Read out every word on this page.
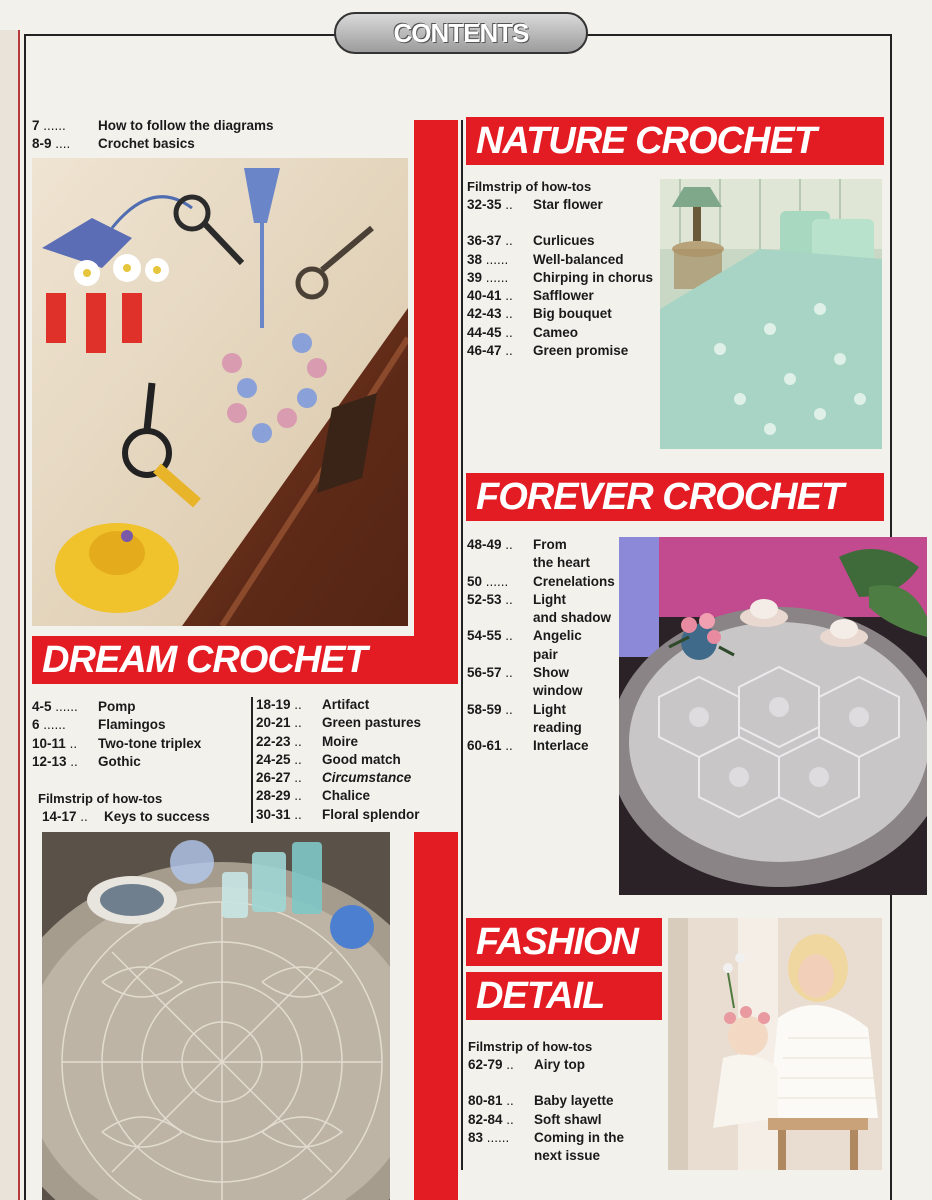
CONTENTS
7 ......	How to follow the diagrams
8-9 ....	Crochet basics	NATURE CROCHET
Filmstrip of how-tos
32-35 ..	Star flower
36-37 ..	Curlicues
38 ......	Well-balanced
39 ......	Chirping in chorus
40-41 ..	Safflower
42-43 ..	Big bouquet
44-45 ..	Cameo
46-47 ..	Green promise
FOREVER CROCHET
48-49 ..	From
the heart
50 ......	Crenelations
52-53 ..	Light
and shadow
54-55 ..	Angelic
pair
56-57 ..	Show
window
58-59 ..	Light
reading
60-61 ..	Interlace
DREAM CROCHET
4-5 ......	Pomp
6 ......	Flamingos
10-11 ..	Two-tone triplex
12-13 ..	Gothic
Filmstrip of how-tos
14-17 ..	Keys to success
18-19 ..	Artifact
20-21 ..	Green pastures
22-23 ..	Moire
24-25 ..	Good match
26-27 ..	Circumstance
28-29 ..	Chalice
30-31 ..	Floral splendor
FASHION
DETAIL
Filmstrip of how-tos
62-79 ..	Airy top
80-81 ..	Baby layette
82-84 ..	Soft shawl
83 ......	Coming in the
next issue
